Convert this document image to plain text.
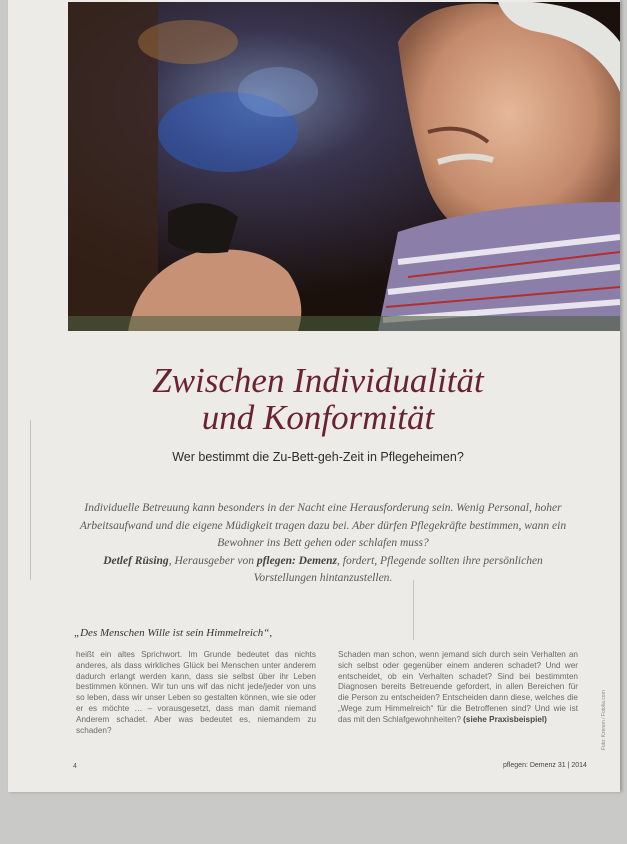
Zwischen Individualität
und Konformität
Wer bestimmt die Zu-Bett-geh-Zeit in Pflegeheimen?
Individuelle Betreuung kann besonders in der Nacht eine Herausforderung sein. Wenig Personal, hoher Arbeitsaufwand und die eigene Müdigkeit tragen dazu bei. Aber dürfen Pflegekräfte bestimmen, wann ein Bewohner ins Bett gehen oder schlafen muss?
Detlef Rüsing, Herausgeber von pflegen: Demenz, fordert, Pflegende sollten ihre persönlichen Vorstellungen hintanzustellen.
„Des Menschen Wille ist sein Himmelreich“,
heißt ein altes Sprichwort. Im Grunde bedeutet das nichts anderes, als dass wirkliches Glück bei Menschen unter anderem dadurch erlangt werden kann, dass sie selbst über ihr Leben bestimmen können. Wir tun uns wif das nicht jede/jeder von uns so leben, dass wir unser Leben so gestalten können, wie sie oder er es möchte … – vorausgesetzt, dass man damit niemand Anderem schadet. Aber was bedeutet es, niemandem zu schaden?
Schaden man schon, wenn jemand sich durch sein Verhalten an sich selbst oder gegenüber einem anderen schadet? Und wer entscheidet, ob ein Verhalten schadet? Sind bei bestimmten Diagnosen bereits Betreuende gefordert, in allen Bereichen für die Person zu entscheiden? Entscheiden dann diese, welches die „Wege zum Himmelreich“ für die Betroffenen sind? Und wie ist das mit den Schlafgewohnheiten? (siehe Praxisbeispiel)
4	pflegen: Demenz 31 | 2014
Foto: Kzenon / Fotolia.com
